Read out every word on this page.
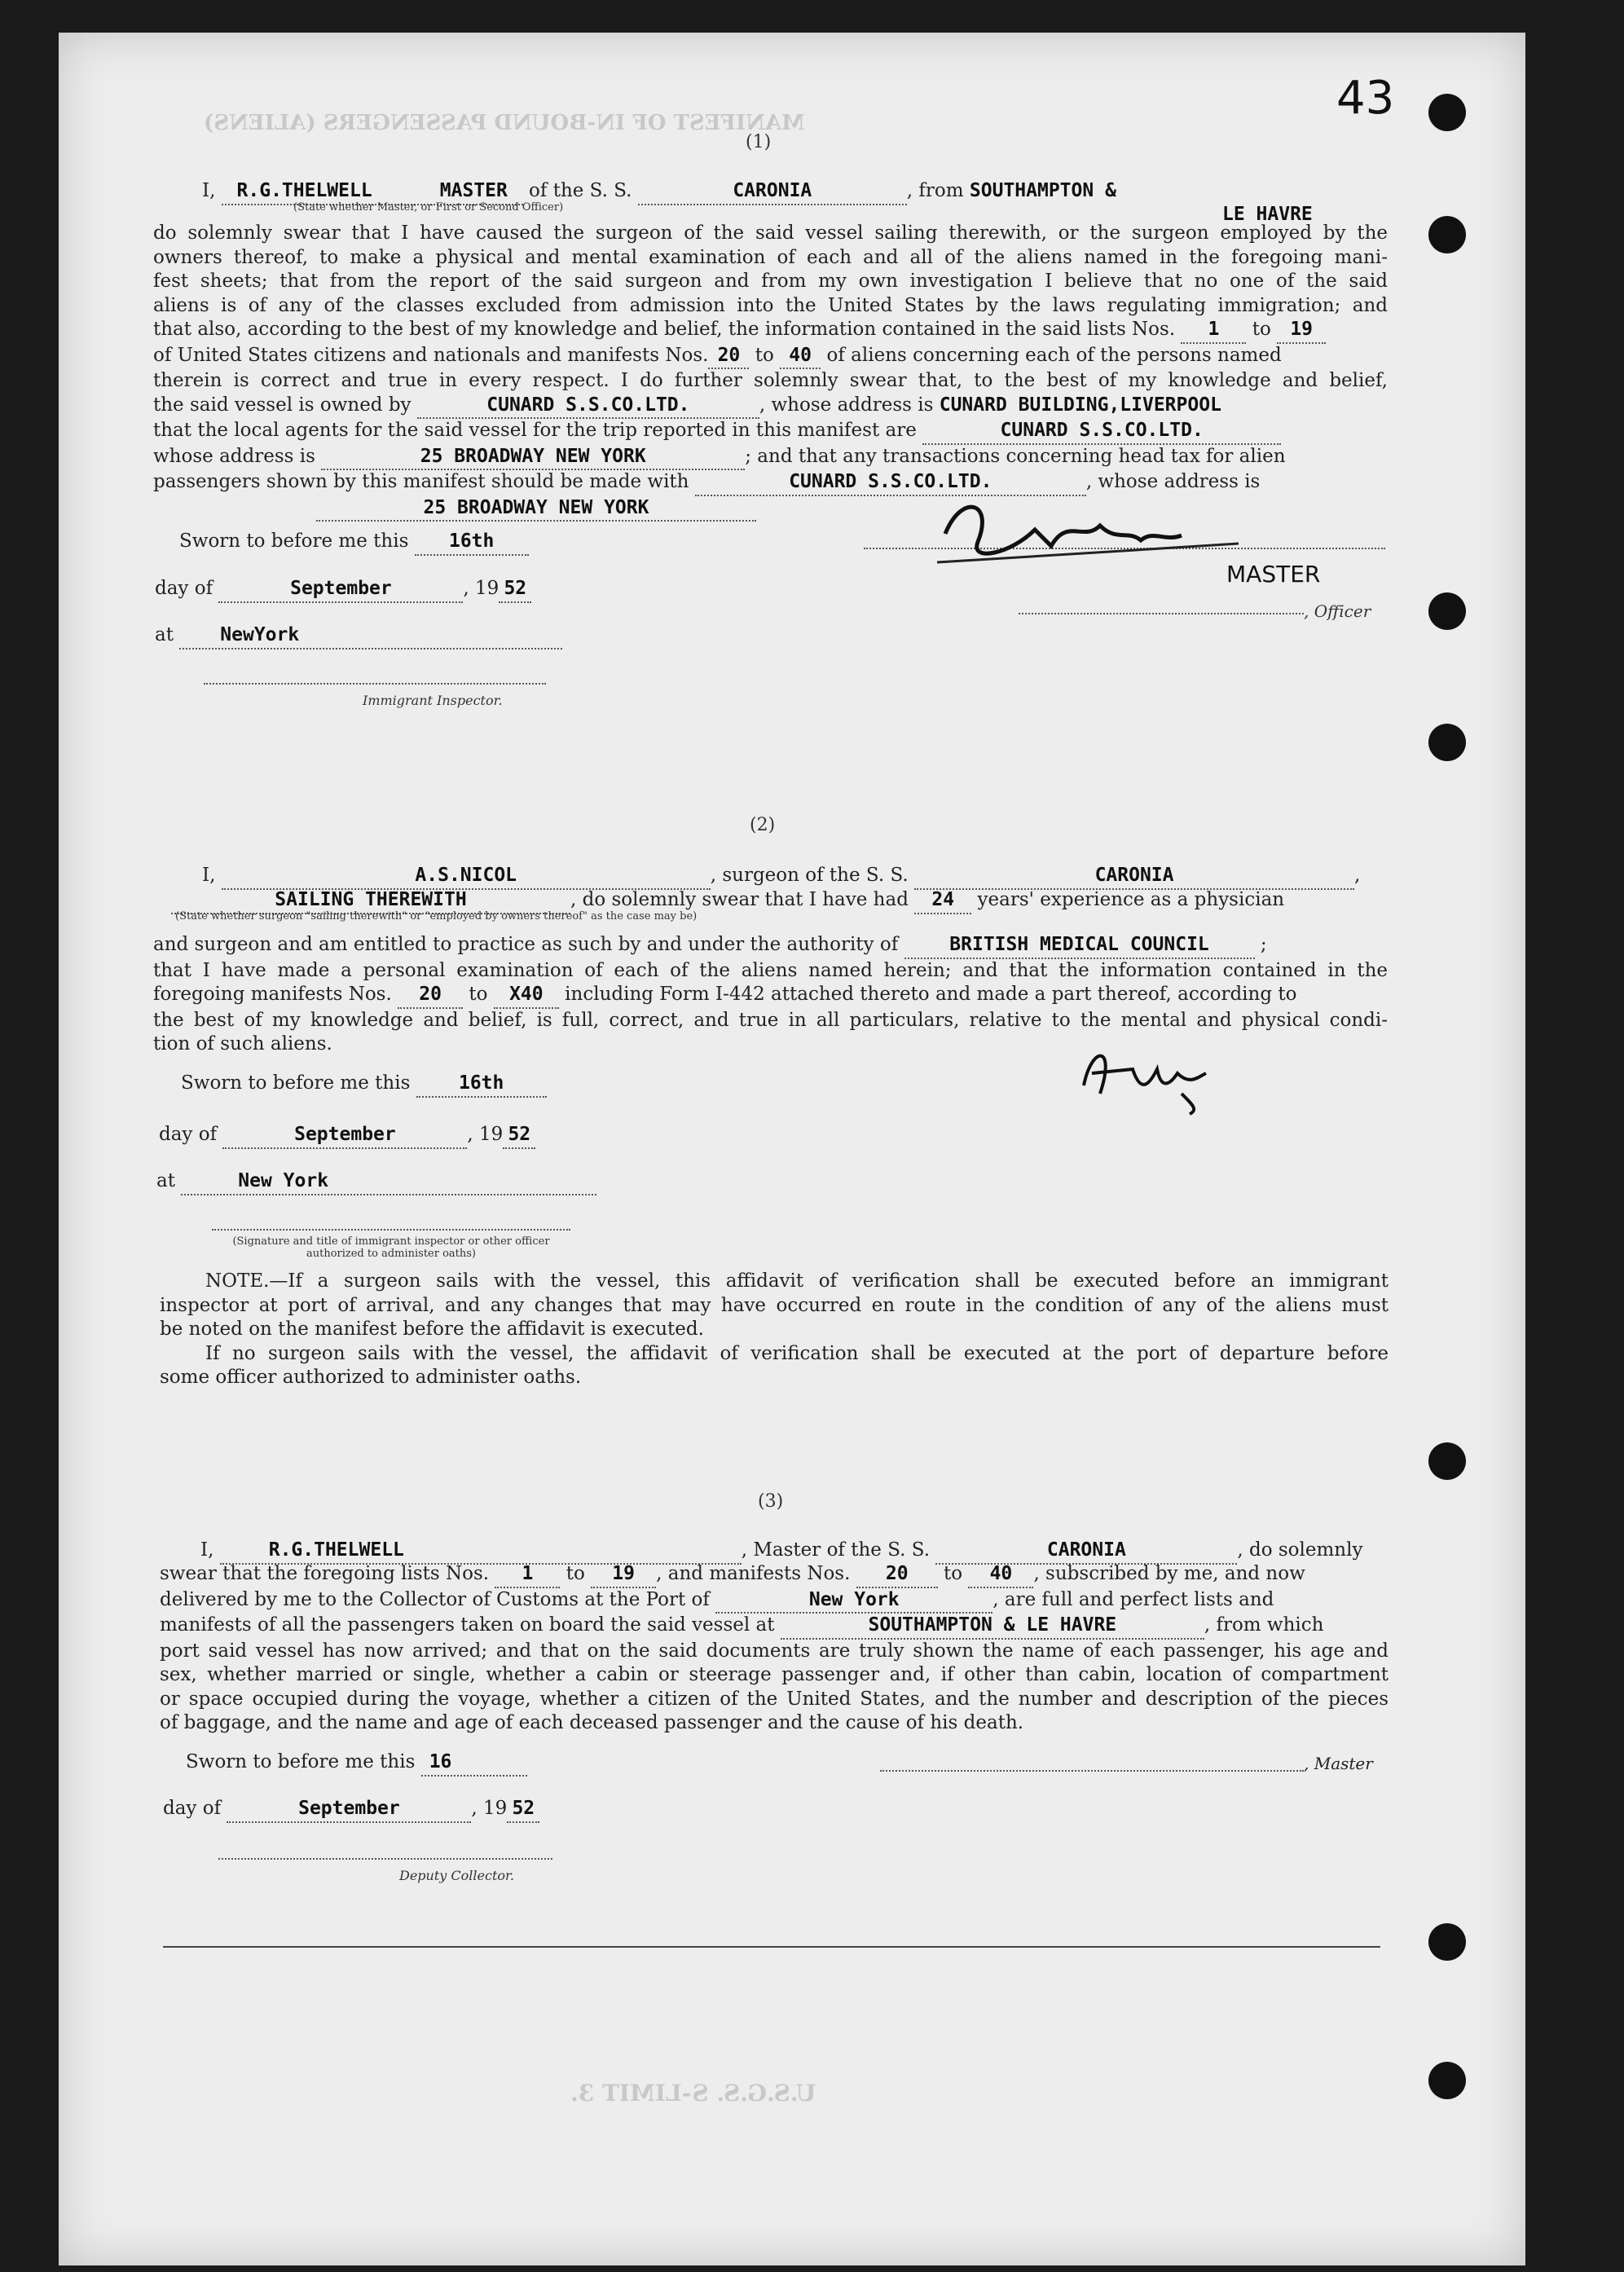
43
MANIFEST OF IN-BOUND PASSENGERS (ALIENS)
(1)
I, R.G.THELWELL	MASTER of the S. S.	CARONIA	, from SOUTHAMPTON &
(State whether Master, or First or Second Officer)	LE HAVRE

do solemnly swear that I have caused the surgeon of the said vessel sailing therewith, or the surgeon employed by the

owners thereof, to make a physical and mental examination of each and all of the aliens named in the foregoing mani-

fest sheets; that from the report of the said surgeon and from my own investigation I believe that no one of the said

aliens is of any of the classes excluded from admission into the United States by the laws regulating immigration; and

that also, according to the best of my knowledge and belief, the information contained in the said lists Nos. 1 to 19

of United States citizens and nationals and manifests Nos. 20 to 40 of aliens concerning each of the persons named

therein is correct and true in every respect. I do further solemnly swear that, to the best of my knowledge and belief,

the said vessel is owned by	CUNARD S.S.CO.LTD.	, whose address is CUNARD BUILDING,LIVERPOOL

that the local agents for the said vessel for the trip reported in this manifest are	CUNARD S.S.CO.LTD.

whose address is	25 BROADWAY NEW YORK	; and that any transactions concerning head tax for alien

passengers shown by this manifest should be made with	CUNARD S.S.CO.LTD.	, whose address is

25 BROADWAY NEW YORK

Sworn to before me this 16th
day of	September	, 19 52
at NewYork
Immigrant Inspector.
MASTER
, Officer
(2)
I,	A.S.NICOL	, surgeon of the S. S.	CARONIA	,
SAILING THEREWITH	, do solemnly swear that I have had 24 years' experience as a physician
(State whether surgeon "sailing therewith" or "employed by owners thereof" as the case may be)

and surgeon and am entitled to practice as such by and under the authority of BRITISH MEDICAL COUNCIL ;

that I have made a personal examination of each of the aliens named herein; and that the information contained in the

foregoing manifests Nos. 20 to X40 including Form I-442 attached thereto and made a part thereof, according to

the best of my knowledge and belief, is full, correct, and true in all particulars, relative to the mental and physical condi-

tion of such aliens.

Sworn to before me this 16th
day of	September	, 19 52
at	New York
(Signature and title of immigrant inspector or other officer authorized to administer oaths)

NOTE.—If a surgeon sails with the vessel, this affidavit of verification shall be executed before an immigrant

inspector at port of arrival, and any changes that may have occurred en route in the condition of any of the aliens must

be noted on the manifest before the affidavit is executed.

If no surgeon sails with the vessel, the affidavit of verification shall be executed at the port of departure before

some officer authorized to administer oaths.

(3)
I,	R.G.THELWELL	, Master of the S. S.	CARONIA	, do solemnly

swear that the foregoing lists Nos. 1 to 19 , and manifests Nos. 20 to 40 , subscribed by me, and now

delivered by me to the Collector of Customs at the Port of	New York	, are full and perfect lists and

manifests of all the passengers taken on board the said vessel at	SOUTHAMPTON & LE HAVRE	, from which

port said vessel has now arrived; and that on the said documents are truly shown the name of each passenger, his age and

sex, whether married or single, whether a cabin or steerage passenger and, if other than cabin, location of compartment

or space occupied during the voyage, whether a citizen of the United States, and the number and description of the pieces

of baggage, and the name and age of each deceased passenger and the cause of his death.

Sworn to before me this 16
day of	September	, 19 52
Deputy Collector.
, Master
U.S.G.S. S-LIMIT 3.
